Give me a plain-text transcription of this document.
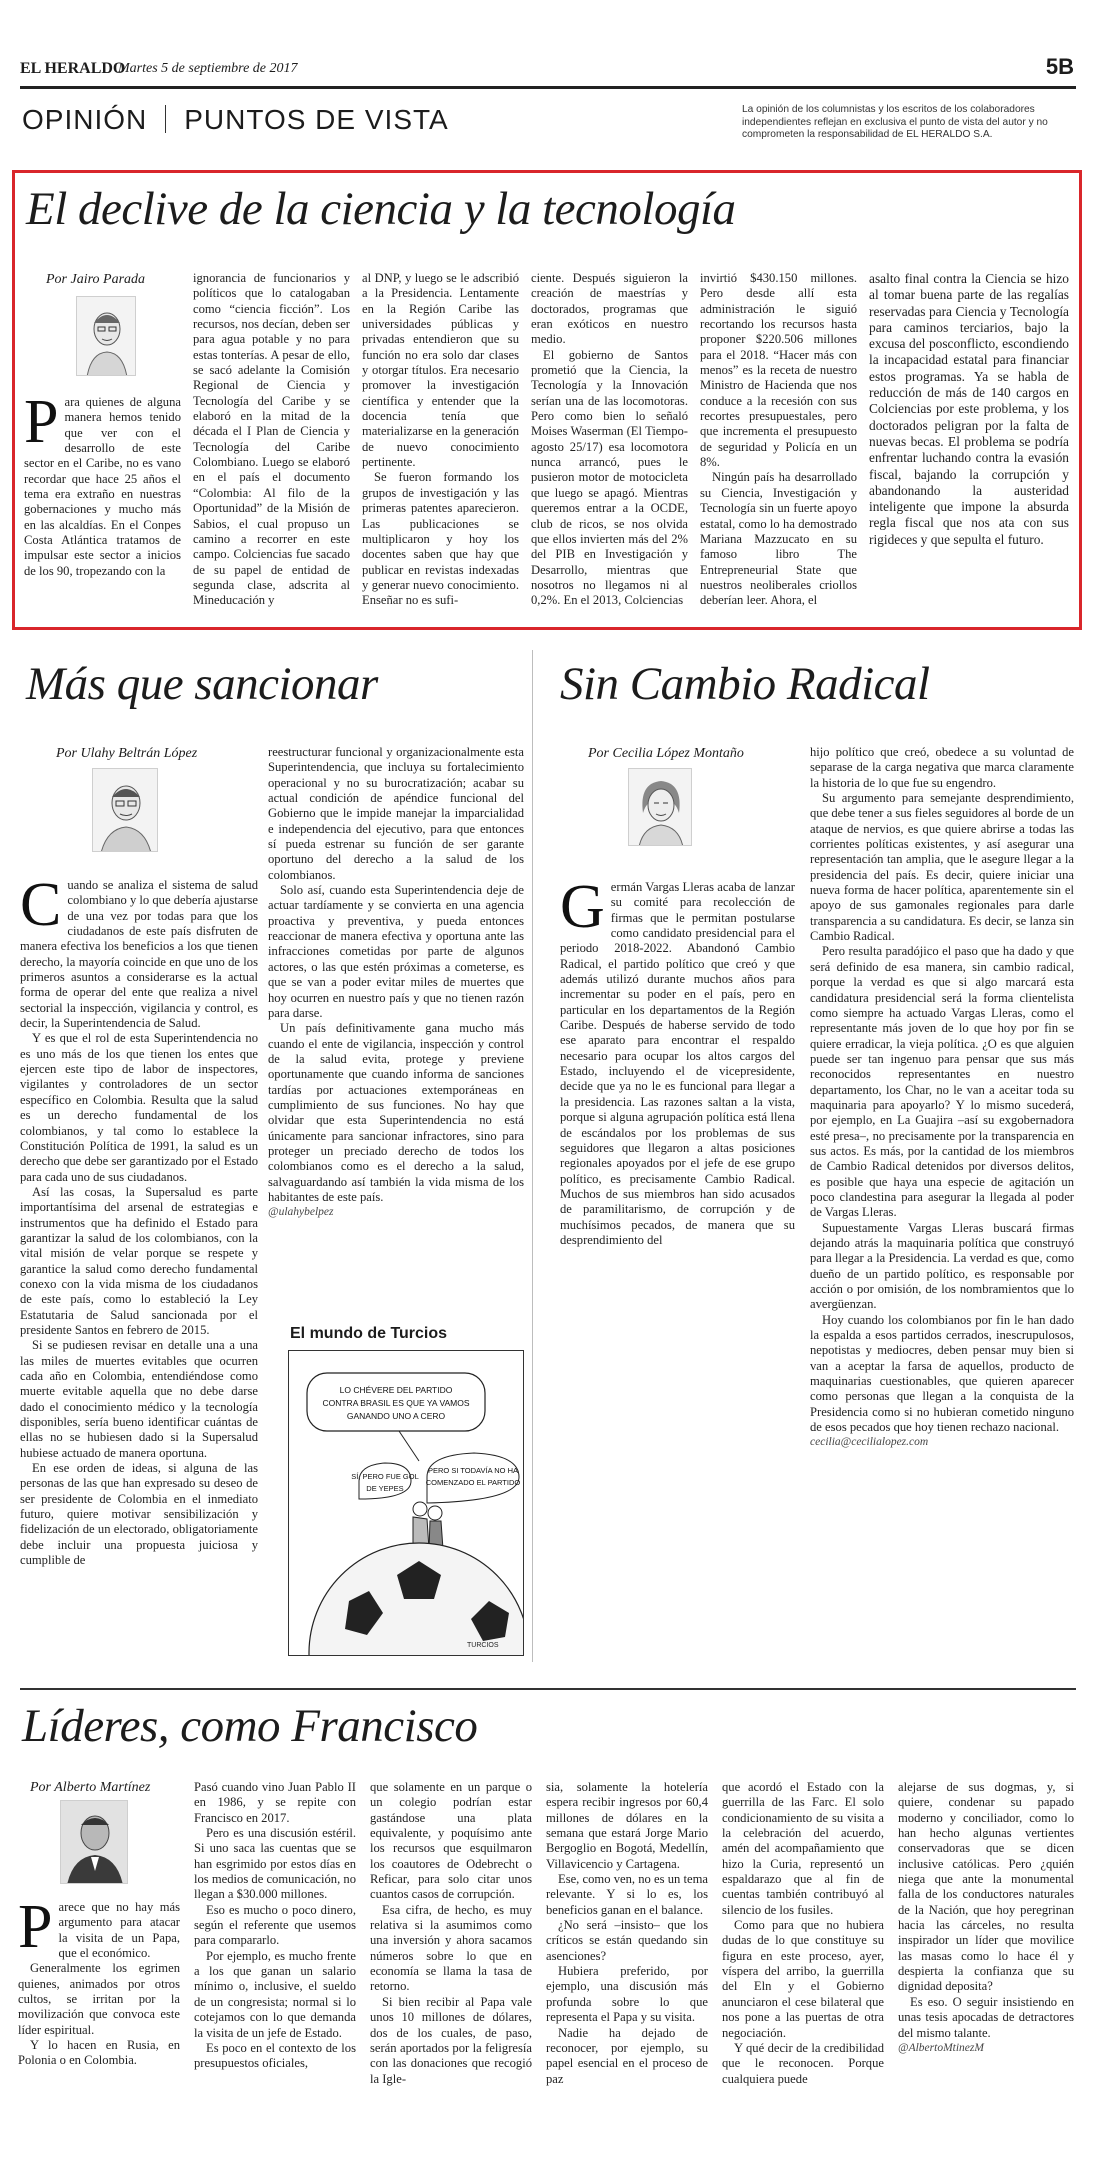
EL HERALDO
Martes 5 de septiembre de 2017	5B
OPINIÓN PUNTOS DE VISTA	La opinión de los columnistas y los escritos de los colaboradores independientes reflejan en exclusiva el punto de vista del autor y no comprometen la responsabilidad de EL HERALDO S.A.
El declive de la ciencia y la tecnología
Por Jairo Parada

Para quienes de alguna manera hemos tenido que ver con el desarrollo de este sector en el Caribe, no es vano recordar que hace 25 años el tema era extraño en nuestras gobernaciones y mucho más en las alcaldías. En el Conpes Costa Atlántica tratamos de impulsar este sector a inicios de los 90, tropezando con la

ignorancia de funcionarios y políticos que lo catalogaban como “ciencia ficción”. Los recursos, nos decían, deben ser para agua potable y no para estas tonterías. A pesar de ello, se sacó adelante la Comisión Regional de Ciencia y Tecnología del Caribe y se elaboró en la mitad de la década el I Plan de Ciencia y Tecnología del Caribe Colombiano. Luego se elaboró en el país el documento “Colombia: Al filo de la Oportunidad” de la Misión de Sabios, el cual propuso un camino a recorrer en este campo. Colciencias fue sacado de su papel de entidad de segunda clase, adscrita al Mineducación y

al DNP, y luego se le adscribió a la Presidencia. Lentamente en la Región Caribe las universidades públicas y privadas entendieron que su función no era solo dar clases y otorgar títulos. Era necesario promover la investigación científica y entender que la docencia tenía que materializarse en la generación de nuevo conocimiento pertinente.

Se fueron formando los grupos de investigación y las primeras patentes aparecieron. Las publicaciones se multiplicaron y hoy los docentes saben que hay que publicar en revistas indexadas y generar nuevo conocimiento. Enseñar no es sufi-

ciente. Después siguieron la creación de maestrías y doctorados, programas que eran exóticos en nuestro medio.

El gobierno de Santos prometió que la Ciencia, la Tecnología y la Innovación serían una de las locomotoras. Pero como bien lo señaló Moises Waserman (El Tiempo-agosto 25/17) esa locomotora nunca arrancó, pues le pusieron motor de motocicleta que luego se apagó. Mientras queremos entrar a la OCDE, club de ricos, se nos olvida que ellos invierten más del 2% del PIB en Investigación y Desarrollo, mientras que nosotros no llegamos ni al 0,2%. En el 2013, Colciencias

invirtió $430.150 millones. Pero desde allí esta administración le siguió recortando los recursos hasta proponer $220.506 millones para el 2018. “Hacer más con menos” es la receta de nuestro Ministro de Hacienda que nos conduce a la recesión con sus recortes presupuestales, pero que incrementa el presupuesto de seguridad y Policía en un 8%.

Ningún país ha desarrollado su Ciencia, Investigación y Tecnología sin un fuerte apoyo estatal, como lo ha demostrado Mariana Mazzucato en su famoso libro The Entrepreneurial State que nuestros neoliberales criollos deberían leer. Ahora, el

asalto final contra la Ciencia se hizo al tomar buena parte de las regalías reservadas para Ciencia y Tecnología para caminos terciarios, bajo la excusa del posconflicto, escondiendo la incapacidad estatal para financiar estos programas. Ya se habla de reducción de más de 140 cargos en Colciencias por este problema, y los doctorados peligran por la falta de nuevas becas. El problema se podría enfrentar luchando contra la evasión fiscal, bajando la corrupción y abandonando la austeridad inteligente que impone la absurda regla fiscal que nos ata con sus rigideces y que sepulta el futuro.

Más que sancionar
Por Ulahy Beltrán López

Cuando se analiza el sistema de salud colombiano y lo que debería ajustarse de una vez por todas para que los ciudadanos de este país disfruten de manera efectiva los beneficios a los que tienen derecho, la mayoría coincide en que uno de los primeros asuntos a considerarse es la actual forma de operar del ente que realiza a nivel sectorial la inspección, vigilancia y control, es decir, la Superintendencia de Salud.

Y es que el rol de esta Superintendencia no es uno más de los que tienen los entes que ejercen este tipo de labor de inspectores, vigilantes y controladores de un sector específico en Colombia. Resulta que la salud es un derecho fundamental de los colombianos, y tal como lo establece la Constitución Política de 1991, la salud es un derecho que debe ser garantizado por el Estado para cada uno de sus ciudadanos.

Así las cosas, la Supersalud es parte importantísima del arsenal de estrategias e instrumentos que ha definido el Estado para garantizar la salud de los colombianos, con la vital misión de velar porque se respete y garantice la salud como derecho fundamental conexo con la vida misma de los ciudadanos de este país, como lo estableció la Ley Estatutaria de Salud sancionada por el presidente Santos en febrero de 2015.

Si se pudiesen revisar en detalle una a una las miles de muertes evitables que ocurren cada año en Colombia, entendiéndose como muerte evitable aquella que no debe darse dado el conocimiento médico y la tecnología disponibles, sería bueno identificar cuántas de ellas no se hubiesen dado si la Supersalud hubiese actuado de manera oportuna.

En ese orden de ideas, si alguna de las personas de las que han expresado su deseo de ser presidente de Colombia en el inmediato futuro, quiere motivar sensibilización y fidelización de un electorado, obligatoriamente debe incluir una propuesta juiciosa y cumplible de

reestructurar funcional y organizacionalmente esta Superintendencia, que incluya su fortalecimiento operacional y no su burocratización; acabar su actual condición de apéndice funcional del Gobierno que le impide manejar la imparcialidad e independencia del ejecutivo, para que entonces sí pueda estrenar su función de ser garante oportuno del derecho a la salud de los colombianos.

Solo así, cuando esta Superintendencia deje de actuar tardíamente y se convierta en una agencia proactiva y preventiva, y pueda entonces reaccionar de manera efectiva y oportuna ante las infracciones cometidas por parte de algunos actores, o las que estén próximas a cometerse, es que se van a poder evitar miles de muertes que hoy ocurren en nuestro país y que no tienen razón para darse.

Un país definitivamente gana mucho más cuando el ente de vigilancia, inspección y control de la salud evita, protege y previene oportunamente que cuando informa de sanciones tardías por actuaciones extemporáneas en cumplimiento de sus funciones. No hay que olvidar que esta Superintendencia no está únicamente para sancionar infractores, sino para proteger un preciado derecho de todos los colombianos como es el derecho a la salud, salvaguardando así también la vida misma de los habitantes de este país.

@ulahybelpez

El mundo de Turcios
LO CHÉVERE DEL PARTIDO
CONTRA BRASIL ES QUE YA VAMOS
GANANDO UNO A CERO
PERO SI TODAVÍA NO HA
COMENZADO EL PARTIDO
SÍ, PERO FUE GOL
DE YEPES
TURCIOS
Sin Cambio Radical
Por Cecilia López Montaño

Germán Vargas Lleras acaba de lanzar su comité para recolección de firmas que le permitan postularse como candidato presidencial para el periodo 2018-2022. Abandonó Cambio Radical, el partido político que creó y que además utilizó durante muchos años para incrementar su poder en el país, pero en particular en los departamentos de la Región Caribe. Después de haberse servido de todo ese aparato para encontrar el respaldo necesario para ocupar los altos cargos del Estado, incluyendo el de vicepresidente, decide que ya no le es funcional para llegar a la presidencia. Las razones saltan a la vista, porque si alguna agrupación política está llena de escándalos por los problemas de sus seguidores que llegaron a altas posiciones regionales apoyados por el jefe de ese grupo político, es precisamente Cambio Radical. Muchos de sus miembros han sido acusados de paramilitarismo, de corrupción y de muchísimos pecados, de manera que su desprendimiento del

hijo político que creó, obedece a su voluntad de separase de la carga negativa que marca claramente la historia de lo que fue su engendro.

Su argumento para semejante desprendimiento, que debe tener a sus fieles seguidores al borde de un ataque de nervios, es que quiere abrirse a todas las corrientes políticas existentes, y así asegurar una representación tan amplia, que le asegure llegar a la presidencia del país. Es decir, quiere iniciar una nueva forma de hacer política, aparentemente sin el apoyo de sus gamonales regionales para darle transparencia a su candidatura. Es decir, se lanza sin Cambio Radical.

Pero resulta paradójico el paso que ha dado y que será definido de esa manera, sin cambio radical, porque la verdad es que si algo marcará esta candidatura presidencial será la forma clientelista como siempre ha actuado Vargas Lleras, como el representante más joven de lo que hoy por fin se quiere erradicar, la vieja política. ¿O es que alguien puede ser tan ingenuo para pensar que sus más reconocidos representantes en nuestro departamento, los Char, no le van a aceitar toda su maquinaria para apoyarlo? Y lo mismo sucederá, por ejemplo, en La Guajira –así su exgobernadora esté presa–, no precisamente por la transparencia en sus actos. Es más, por la cantidad de los miembros de Cambio Radical detenidos por diversos delitos, es posible que haya una especie de agitación un poco clandestina para asegurar la llegada al poder de Vargas Lleras.

Supuestamente Vargas Lleras buscará firmas dejando atrás la maquinaria política que construyó para llegar a la Presidencia. La verdad es que, como dueño de un partido político, es responsable por acción o por omisión, de los nombramientos que lo avergüenzan.

Hoy cuando los colombianos por fin le han dado la espalda a esos partidos cerrados, inescrupulosos, nepotistas y mediocres, deben pensar muy bien si van a aceptar la farsa de aquellos, producto de maquinarias cuestionables, que quieren aparecer como personas que llegan a la conquista de la Presidencia como si no hubieran cometido ninguno de esos pecados que hoy tienen rechazo nacional.

cecilia@cecilialopez.com

Líderes, como Francisco
Por Alberto Martínez

Parece que no hay más argumento para atacar la visita de un Papa, que el económico.

Generalmente los egrimen quienes, animados por otros cultos, se irritan por la movilización que convoca este líder espiritual.

Y lo hacen en Rusia, en Polonia o en Colombia.

Pasó cuando vino Juan Pablo II en 1986, y se repite con Francisco en 2017.

Pero es una discusión estéril. Si uno saca las cuentas que se han esgrimido por estos días en los medios de comunicación, no llegan a $30.000 millones.

Eso es mucho o poco dinero, según el referente que usemos para compararlo.

Por ejemplo, es mucho frente a los que ganan un salario mínimo o, inclusive, el sueldo de un congresista; normal si lo cotejamos con lo que demanda la visita de un jefe de Estado.

Es poco en el contexto de los presupuestos oficiales,

que solamente en un parque o un colegio podrían estar gastándose una plata equivalente, y poquísimo ante los recursos que esquilmaron los coautores de Odebrecht o Reficar, para solo citar unos cuantos casos de corrupción.

Esa cifra, de hecho, es muy relativa si la asumimos como una inversión y ahora sacamos números sobre lo que en economía se llama la tasa de retorno.

Si bien recibir al Papa vale unos 10 millones de dólares, dos de los cuales, de paso, serán aportados por la feligresía con las donaciones que recogió la Igle-

sia, solamente la hotelería espera recibir ingresos por 60,4 millones de dólares en la semana que estará Jorge Mario Bergoglio en Bogotá, Medellín, Villavicencio y Cartagena.

Ese, como ven, no es un tema relevante. Y si lo es, los beneficios ganan en el balance.

¿No será –insisto– que los críticos se están quedando sin asenciones?

Hubiera preferido, por ejemplo, una discusión más profunda sobre lo que representa el Papa y su visita.

Nadie ha dejado de reconocer, por ejemplo, su papel esencial en el proceso de paz

que acordó el Estado con la guerrilla de las Farc. El solo condicionamiento de su visita a la celebración del acuerdo, amén del acompañamiento que hizo la Curia, representó un espaldarazo que al fin de cuentas también contribuyó al silencio de los fusiles.

Como para que no hubiera dudas de lo que constituye su figura en este proceso, ayer, víspera del arribo, la guerrilla del Eln y el Gobierno anunciaron el cese bilateral que nos pone a las puertas de otra negociación.

Y qué decir de la credibilidad que le reconocen. Porque cualquiera puede

alejarse de sus dogmas, y, si quiere, condenar su papado moderno y conciliador, como lo han hecho algunas vertientes conservadoras que se dicen inclusive católicas. Pero ¿quién niega que ante la monumental falla de los conductores naturales de la Nación, que hoy peregrinan hacia las cárceles, no resulta inspirador un líder que movilice las masas como lo hace él y despierta la confianza que su dignidad deposita?

Es eso. O seguir insistiendo en unas tesis apocadas de detractores del mismo talante.

@AlbertoMtinezM
